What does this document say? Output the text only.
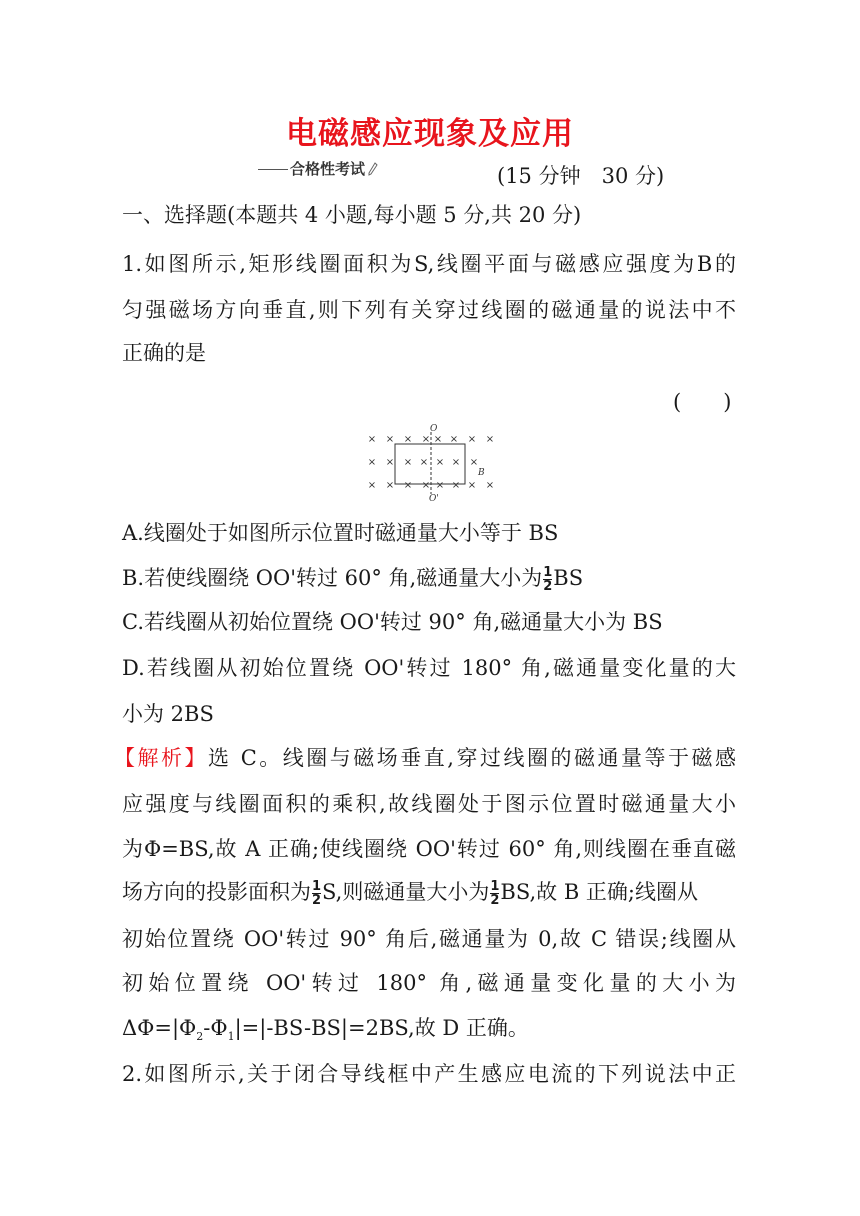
电磁感应现象及应用
合格性考试	(15 分钟　30 分)
一、选择题(本题共 4 小题,每小题 5 分,共 20 分)
1.如图所示,矩形线圈面积为S,线圈平面与磁感应强度为B的
匀强磁场方向垂直,则下列有关穿过线圈的磁通量的说法中不
正确的是
(　　)
× × × × × × × ×
× × × × × × ×
× × × × × × × ×
O
O'
B
A.线圈处于如图所示位置时磁通量大小等于 BS
B.若使线圈绕 OO'转过 60° 角,磁通量大小为 $\frac{1}{2}$ BS
C.若线圈从初始位置绕 OO'转过 90° 角,磁通量大小为 BS
D.若线圈从初始位置绕 OO'转过 180° 角,磁通量变化量的大
小为 2BS
【解析】选 C。线圈与磁场垂直,穿过线圈的磁通量等于磁感
应强度与线圈面积的乘积,故线圈处于图示位置时磁通量大小
为Φ=BS,故 A 正确;使线圈绕 OO'转过 60° 角,则线圈在垂直磁
场方向的投影面积为 $\frac{1}{2} S$,则磁通量大小为 $\frac{1}{2}$ BS,故 B 正确;线圈从
初始位置绕 OO'转过 90° 角后,磁通量为 0,故 C 错误;线圈从
初始位置绕 OO'转过 180° 角,磁通量变化量的大小为
$\Delta\Phi=|\Phi_2-\Phi_1|=|-BS-BS|=2BS$,故 D 正确。
2.如图所示,关于闭合导线框中产生感应电流的下列说法中正
